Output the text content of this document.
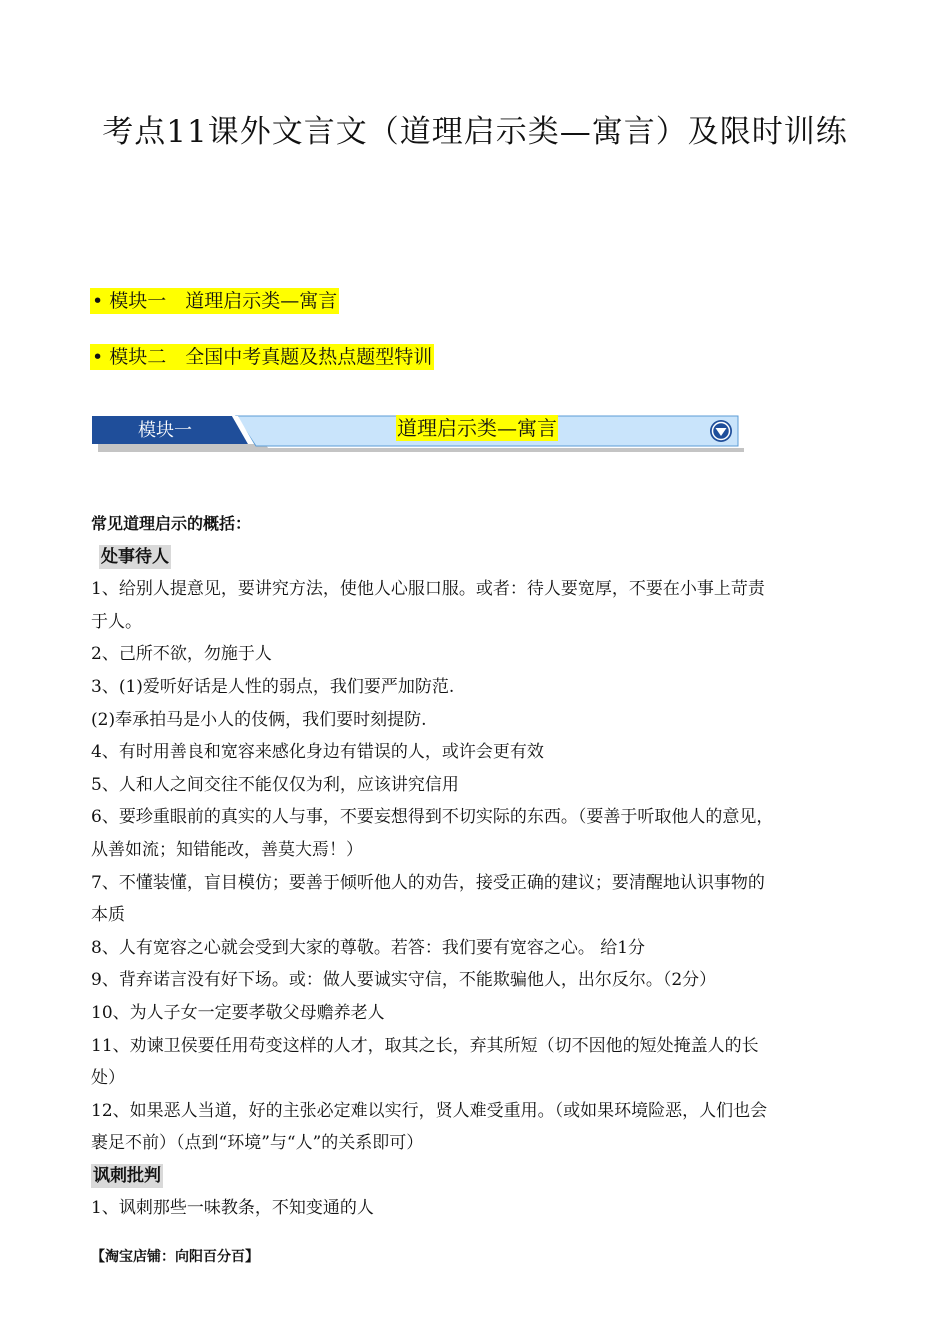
考点11课外文言文（道理启示类—寓言）及限时训练
• 模块一　道理启示类—寓言
• 模块二　全国中考真题及热点题型特训
模块一	道理启示类—寓言

常见道理启示的概括：

处事待人

1、给别人提意见，要讲究方法，使他人心服口服。或者：待人要宽厚，不要在小事上苛责

于人。

2、己所不欲，勿施于人

3、(1)爱听好话是人性的弱点，我们要严加防范.

(2)奉承拍马是小人的伎俩，我们要时刻提防.

4、有时用善良和宽容来感化身边有错误的人，或许会更有效

5、人和人之间交往不能仅仅为利，应该讲究信用

6、要珍重眼前的真实的人与事，不要妄想得到不切实际的东西。（要善于听取他人的意见，

从善如流；知错能改，善莫大焉！）

7、不懂装懂，盲目模仿；要善于倾听他人的劝告，接受正确的建议；要清醒地认识事物的

本质

8、人有宽容之心就会受到大家的尊敬。若答：我们要有宽容之心。 给1分

9、背弃诺言没有好下场。或：做人要诚实守信，不能欺骗他人，出尔反尔。（2分）

10、为人子女一定要孝敬父母赡养老人

11、劝谏卫侯要任用苟变这样的人才，取其之长，弃其所短（切不因他的短处掩盖人的长

处）

12、如果恶人当道，好的主张必定难以实行，贤人难受重用。（或如果环境险恶，人们也会

裹足不前）（点到“环境”与“人”的关系即可）

讽刺批判

1、讽刺那些一味教条，不知变通的人

【淘宝店铺：向阳百分百】
